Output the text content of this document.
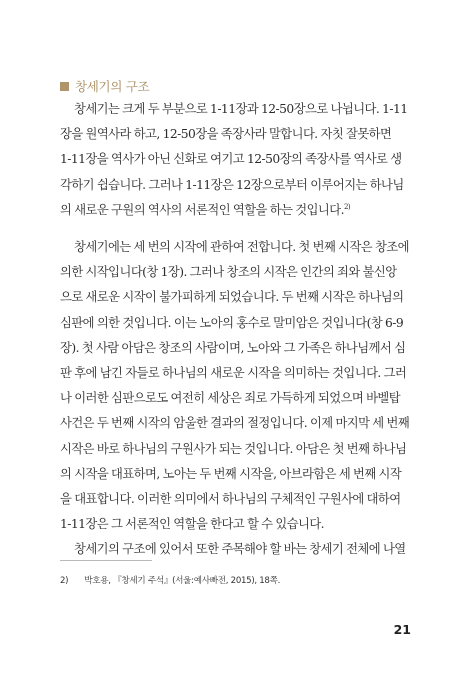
창세기의 구조
창세기는 크게 두 부분으로 1-11장과 12-50장으로 나뉩니다. 1-11
장을 원역사라 하고, 12-50장을 족장사라 말합니다. 자칫 잘못하면
1-11장을 역사가 아닌 신화로 여기고 12-50장의 족장사를 역사로 생
각하기 쉽습니다. 그러나 1-11장은 12장으로부터 이루어지는 하나님
의 새로운 구원의 역사의 서론적인 역할을 하는 것입니다.$^{2)}$
창세기에는 세 번의 시작에 관하여 전합니다. 첫 번째 시작은 창조에
의한 시작입니다(창 1장). 그러나 창조의 시작은 인간의 죄와 불신앙
으로 새로운 시작이 불가피하게 되었습니다. 두 번째 시작은 하나님의
심판에 의한 것입니다. 이는 노아의 홍수로 말미암은 것입니다(창 6-9
장). 첫 사람 아담은 창조의 사람이며, 노아와 그 가족은 하나님께서 심
판 후에 남긴 자들로 하나님의 새로운 시작을 의미하는 것입니다. 그러
나 이러한 심판으로도 여전히 세상은 죄로 가득하게 되었으며 바벨탑
사건은 두 번째 시작의 암울한 결과의 절정입니다. 이제 마지막 세 번째
시작은 바로 하나님의 구원사가 되는 것입니다. 아담은 첫 번째 하나님
의 시작을 대표하며, 노아는 두 번째 시작을, 아브라함은 세 번째 시작
을 대표합니다. 이러한 의미에서 하나님의 구체적인 구원사에 대하여
1-11장은 그 서론적인 역할을 한다고 할 수 있습니다.
창세기의 구조에 있어서 또한 주목해야 할 바는 창세기 전체에 나열
2) 박호용, 『창세기 주석』(서울:예사빠전, 2015), 18쪽.
21
